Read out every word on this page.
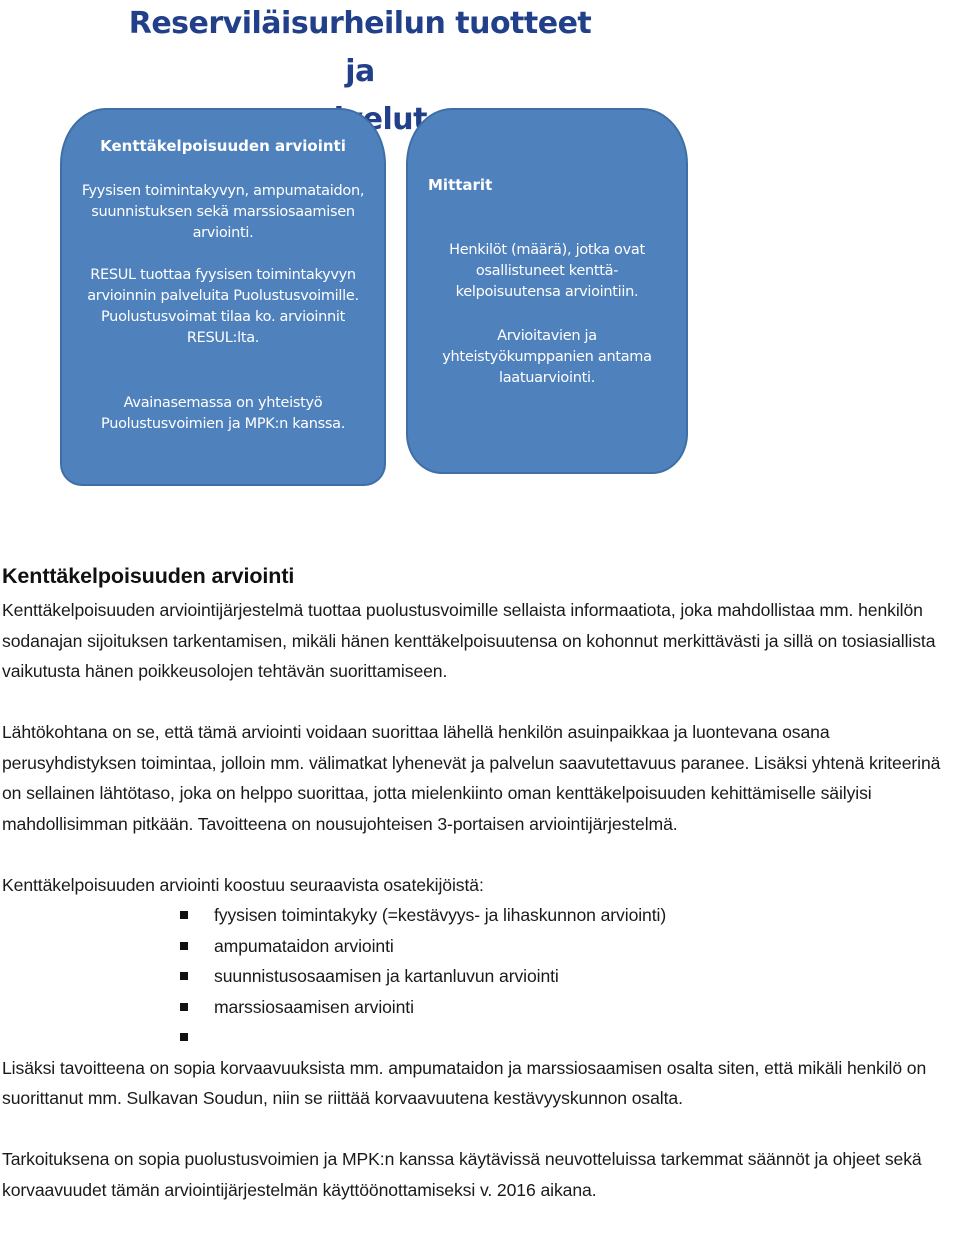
Reserviläisurheilun tuotteet ja
Kenttäkelpoisuuden arviointi
Fyysisen toimintakyvyn, ampumataidon, suunnistuksen sekä marssiosaamisen arviointi.
RESUL tuottaa fyysisen toimintakyvyn arvioinnin palveluita Puolustusvoimille. Puolustusvoimat tilaa ko. arvioinnit RESUL:lta.
Avainasemassa on yhteistyö Puolustusvoimien ja MPK:n kanssa.
Mittarit
Henkilöt (määrä), jotka ovat osallistuneet kenttä-kelpoisuutensa arviointiin.
Arvioitavien ja yhteistyökumppanien antama laatuarviointi.
Kenttäkelpoisuuden arviointi

Kenttäkelpoisuuden arviointijärjestelmä tuottaa puolustusvoimille sellaista informaatiota, joka mahdollistaa mm. henkilön sodanajan sijoituksen tarkentamisen, mikäli hänen kenttäkelpoisuutensa on kohonnut merkittävästi ja sillä on tosiasiallista vaikutusta hänen poikkeusolojen tehtävän suorittamiseen.

Lähtökohtana on se, että tämä arviointi voidaan suorittaa lähellä henkilön asuinpaikkaa ja luontevana osana perusyhdistyksen toimintaa, jolloin mm. välimatkat lyhenevät ja palvelun saavutettavuus paranee. Lisäksi yhtenä kriteerinä on sellainen lähtötaso, joka on helppo suorittaa, jotta mielenkiinto oman kenttäkelpoisuuden kehittämiselle säilyisi mahdollisimman pitkään. Tavoitteena on nousujohteisen 3-portaisen arviointijärjestelmä.

Kenttäkelpoisuuden arviointi koostuu seuraavista osatekijöistä:

fyysisen toimintakyky (=kestävyys- ja lihaskunnon arviointi)
ampumataidon arviointi
suunnistusosaamisen ja kartanluvun arviointi
marssiosaamisen arviointi

Lisäksi tavoitteena on sopia korvaavuuksista mm. ampumataidon ja marssiosaamisen osalta siten, että mikäli henkilö on suorittanut mm. Sulkavan Soudun, niin se riittää korvaavuutena kestävyyskunnon osalta.

Tarkoituksena on sopia puolustusvoimien ja MPK:n kanssa käytävissä neuvotteluissa tarkemmat säännöt ja ohjeet sekä korvaavuudet tämän arviointijärjestelmän käyttöönottamiseksi v. 2016 aikana.
